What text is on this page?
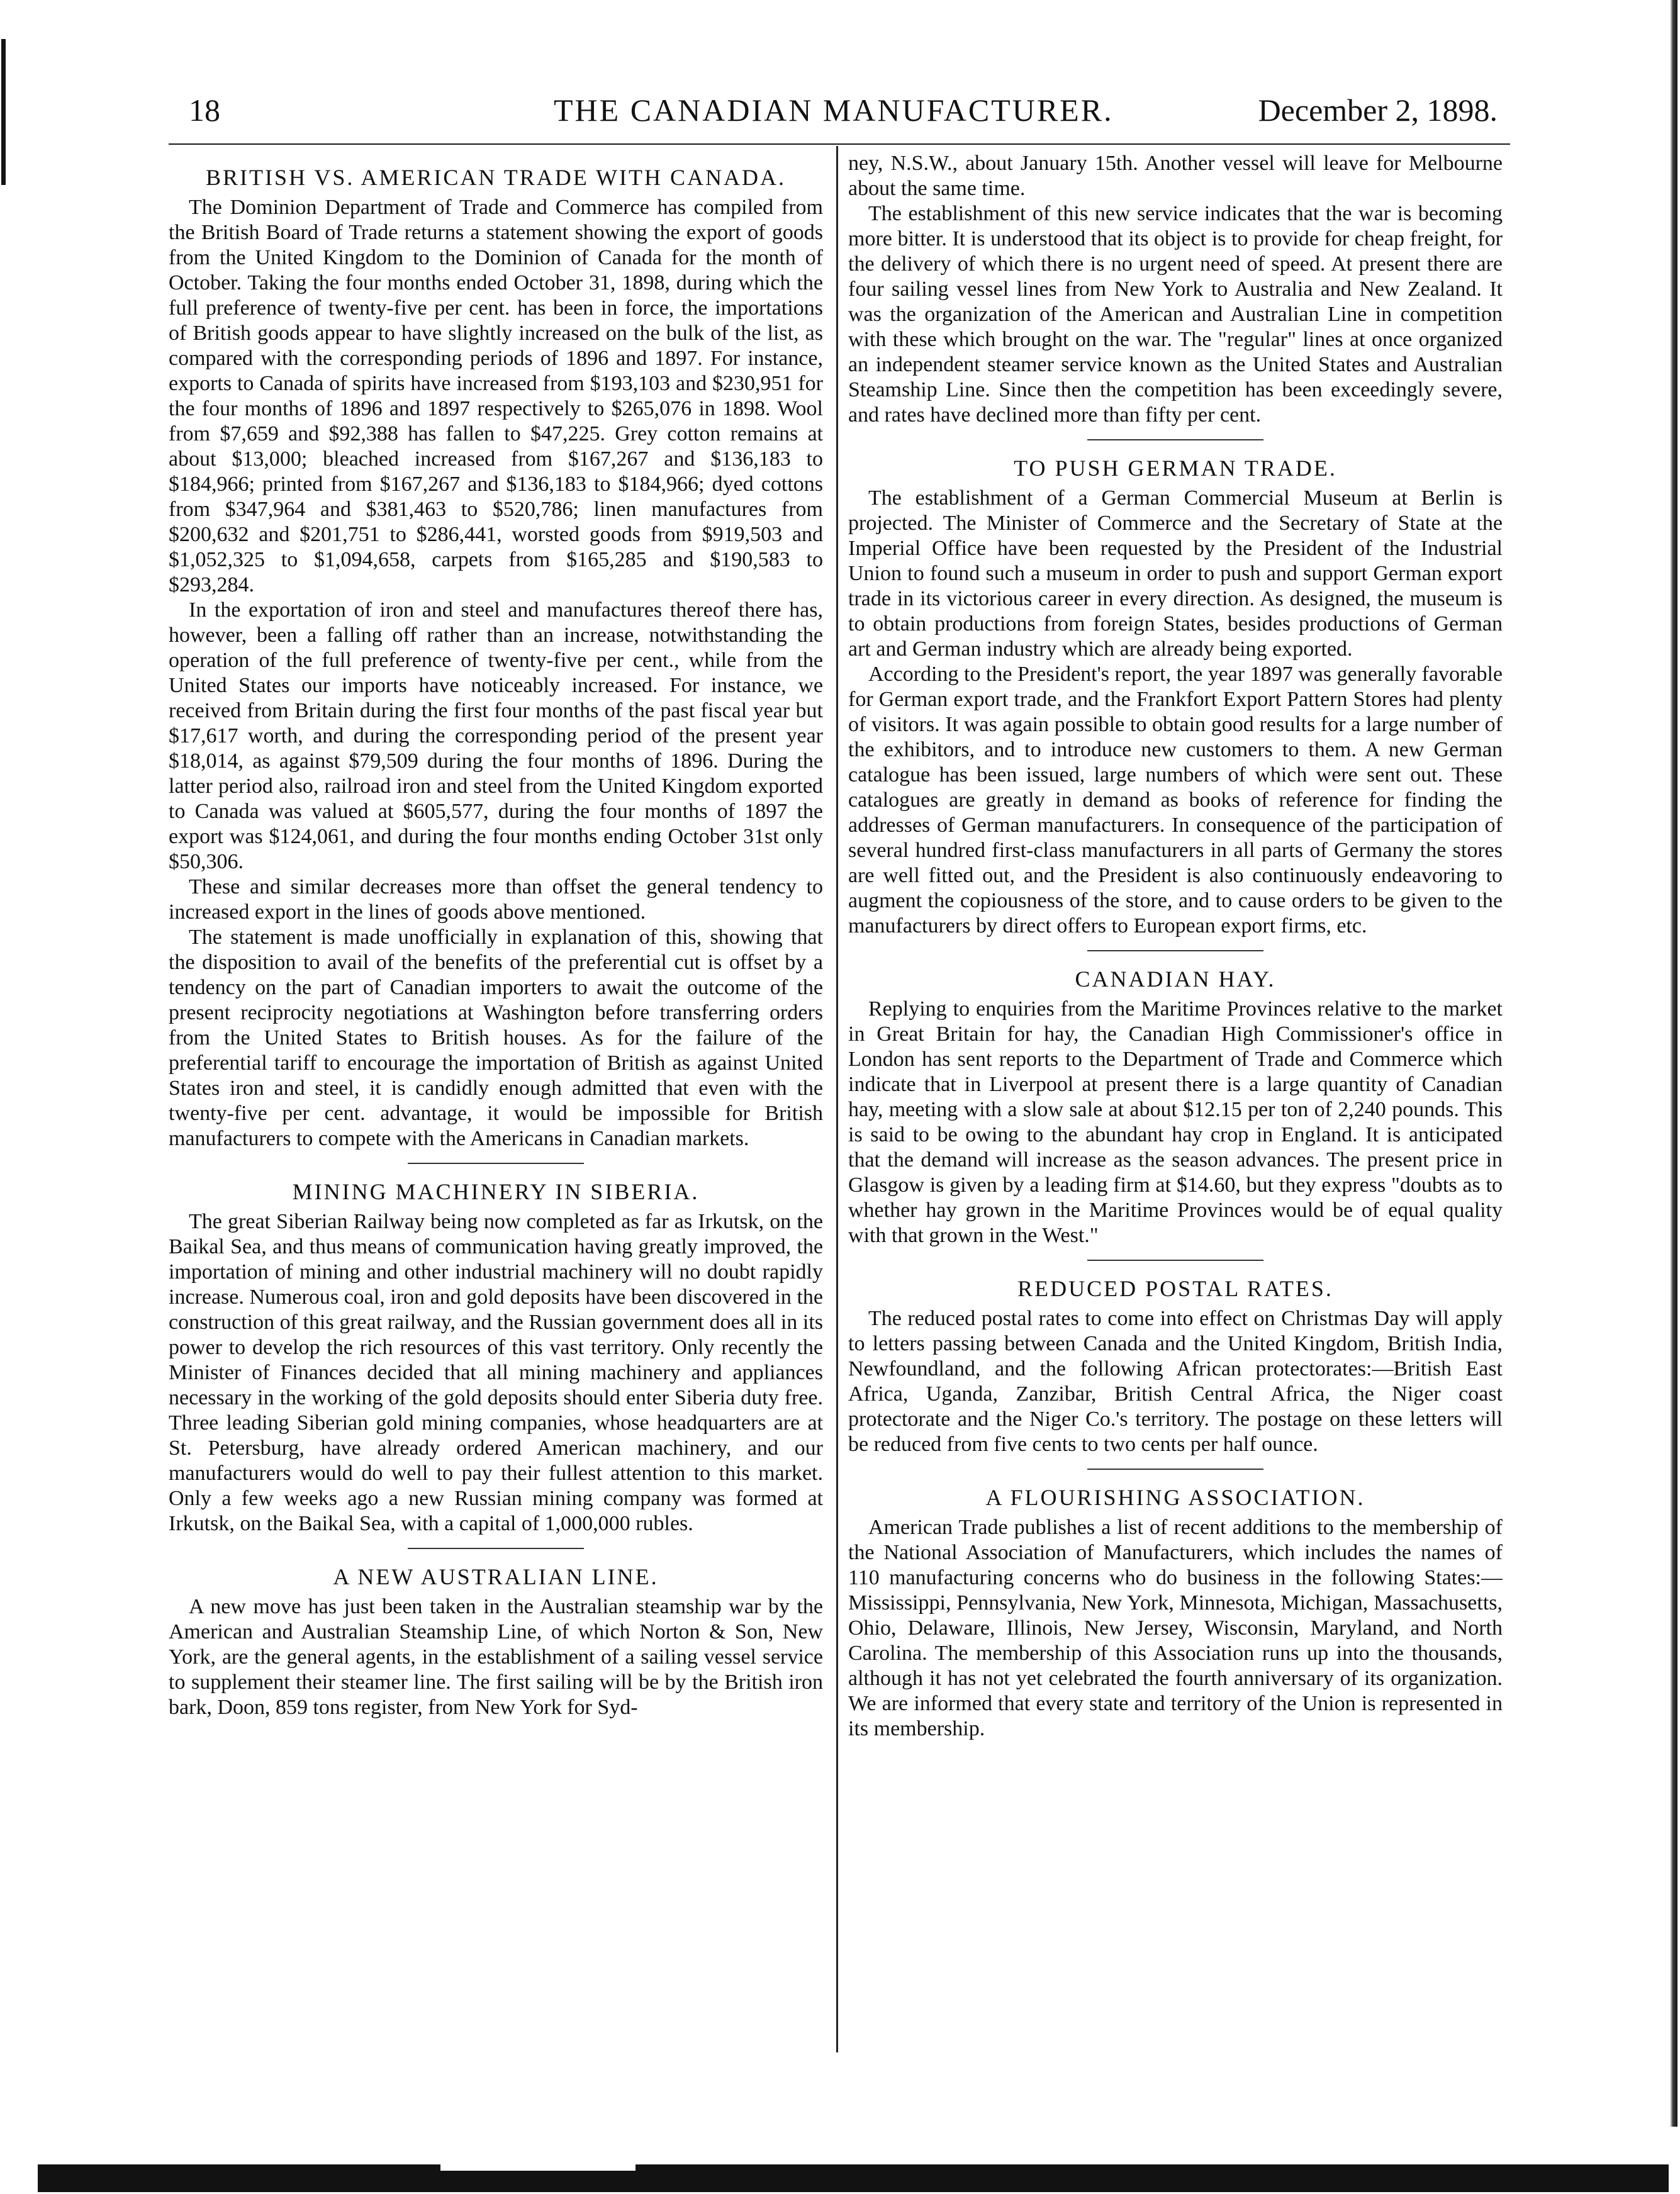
18	THE CANADIAN MANUFACTURER.	December 2, 1898.
BRITISH VS. AMERICAN TRADE WITH CANADA.

The Dominion Department of Trade and Commerce has compiled from the British Board of Trade returns a statement showing the export of goods from the United Kingdom to the Dominion of Canada for the month of October. Taking the four months ended October 31, 1898, during which the full preference of twenty-five per cent. has been in force, the importations of British goods appear to have slightly increased on the bulk of the list, as compared with the corresponding periods of 1896 and 1897. For instance, exports to Canada of spirits have increased from $193,103 and $230,951 for the four months of 1896 and 1897 respectively to $265,076 in 1898. Wool from $7,659 and $92,388 has fallen to $47,225. Grey cotton remains at about $13,000; bleached increased from $167,267 and $136,183 to $184,966; printed from $167,267 and $136,183 to $184,966; dyed cottons from $347,964 and $381,463 to $520,786; linen manufactures from $200,632 and $201,751 to $286,441, worsted goods from $919,503 and $1,052,325 to $1,094,658, carpets from $165,285 and $190,583 to $293,284.

In the exportation of iron and steel and manufactures thereof there has, however, been a falling off rather than an increase, notwithstanding the operation of the full preference of twenty-five per cent., while from the United States our imports have noticeably increased. For instance, we received from Britain during the first four months of the past fiscal year but $17,617 worth, and during the corresponding period of the present year $18,014, as against $79,509 during the four months of 1896. During the latter period also, railroad iron and steel from the United Kingdom exported to Canada was valued at $605,577, during the four months of 1897 the export was $124,061, and during the four months ending October 31st only $50,306.

These and similar decreases more than offset the general tendency to increased export in the lines of goods above mentioned.

The statement is made unofficially in explanation of this, showing that the disposition to avail of the benefits of the preferential cut is offset by a tendency on the part of Canadian importers to await the outcome of the present reciprocity negotiations at Washington before transferring orders from the United States to British houses. As for the failure of the preferential tariff to encourage the importation of British as against United States iron and steel, it is candidly enough admitted that even with the twenty-five per cent. advantage, it would be impossible for British manufacturers to compete with the Americans in Canadian markets.

MINING MACHINERY IN SIBERIA.

The great Siberian Railway being now completed as far as Irkutsk, on the Baikal Sea, and thus means of communication having greatly improved, the importation of mining and other industrial machinery will no doubt rapidly increase. Numerous coal, iron and gold deposits have been discovered in the construction of this great railway, and the Russian government does all in its power to develop the rich resources of this vast territory. Only recently the Minister of Finances decided that all mining machinery and appliances necessary in the working of the gold deposits should enter Siberia duty free. Three leading Siberian gold mining companies, whose headquarters are at St. Petersburg, have already ordered American machinery, and our manufacturers would do well to pay their fullest attention to this market. Only a few weeks ago a new Russian mining company was formed at Irkutsk, on the Baikal Sea, with a capital of 1,000,000 rubles.

A NEW AUSTRALIAN LINE.

A new move has just been taken in the Australian steamship war by the American and Australian Steamship Line, of which Norton & Son, New York, are the general agents, in the establishment of a sailing vessel service to supplement their steamer line. The first sailing will be by the British iron bark, Doon, 859 tons register, from New York for Syd-

ney, N.S.W., about January 15th. Another vessel will leave for Melbourne about the same time.

The establishment of this new service indicates that the war is becoming more bitter. It is understood that its object is to provide for cheap freight, for the delivery of which there is no urgent need of speed. At present there are four sailing vessel lines from New York to Australia and New Zealand. It was the organization of the American and Australian Line in competition with these which brought on the war. The "regular" lines at once organized an independent steamer service known as the United States and Australian Steamship Line. Since then the competition has been exceedingly severe, and rates have declined more than fifty per cent.

TO PUSH GERMAN TRADE.

The establishment of a German Commercial Museum at Berlin is projected. The Minister of Commerce and the Secretary of State at the Imperial Office have been requested by the President of the Industrial Union to found such a museum in order to push and support German export trade in its victorious career in every direction. As designed, the museum is to obtain productions from foreign States, besides productions of German art and German industry which are already being exported.

According to the President's report, the year 1897 was generally favorable for German export trade, and the Frankfort Export Pattern Stores had plenty of visitors. It was again possible to obtain good results for a large number of the exhibitors, and to introduce new customers to them. A new German catalogue has been issued, large numbers of which were sent out. These catalogues are greatly in demand as books of reference for finding the addresses of German manufacturers. In consequence of the participation of several hundred first-class manufacturers in all parts of Germany the stores are well fitted out, and the President is also continuously endeavoring to augment the copiousness of the store, and to cause orders to be given to the manufacturers by direct offers to European export firms, etc.

CANADIAN HAY.

Replying to enquiries from the Maritime Provinces relative to the market in Great Britain for hay, the Canadian High Commissioner's office in London has sent reports to the Department of Trade and Commerce which indicate that in Liverpool at present there is a large quantity of Canadian hay, meeting with a slow sale at about $12.15 per ton of 2,240 pounds. This is said to be owing to the abundant hay crop in England. It is anticipated that the demand will increase as the season advances. The present price in Glasgow is given by a leading firm at $14.60, but they express "doubts as to whether hay grown in the Maritime Provinces would be of equal quality with that grown in the West."

REDUCED POSTAL RATES.

The reduced postal rates to come into effect on Christmas Day will apply to letters passing between Canada and the United Kingdom, British India, Newfoundland, and the following African protectorates:—British East Africa, Uganda, Zanzibar, British Central Africa, the Niger coast protectorate and the Niger Co.'s territory. The postage on these letters will be reduced from five cents to two cents per half ounce.

A FLOURISHING ASSOCIATION.

American Trade publishes a list of recent additions to the membership of the National Association of Manufacturers, which includes the names of 110 manufacturing concerns who do business in the following States:—Mississippi, Pennsylvania, New York, Minnesota, Michigan, Massachusetts, Ohio, Delaware, Illinois, New Jersey, Wisconsin, Maryland, and North Carolina. The membership of this Association runs up into the thousands, although it has not yet celebrated the fourth anniversary of its organization. We are informed that every state and territory of the Union is represented in its membership.
